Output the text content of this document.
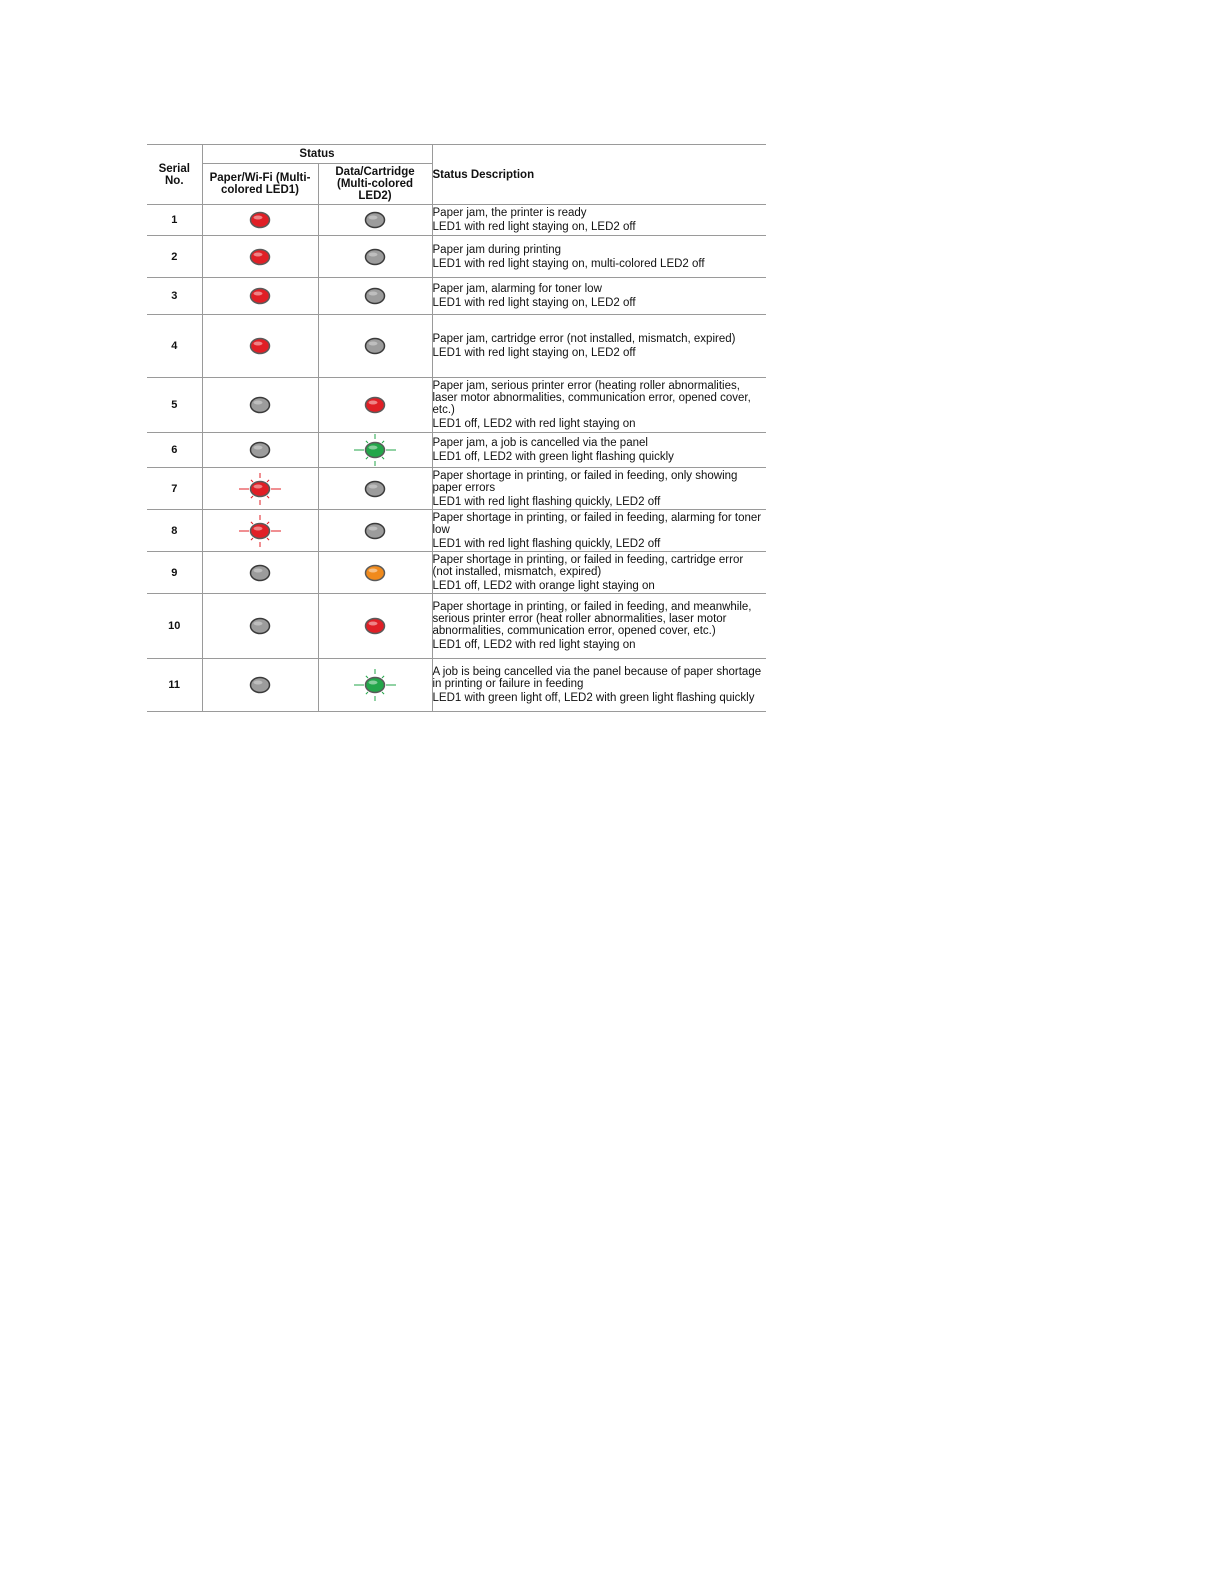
Serial No.	Status		Status Description
	Paper/Wi-Fi (Multi-colored LED1)	Data/Cartridge (Multi-colored LED2)	
1			Paper jam, the printer is ready
LED1 with red light staying on, LED2 off

2			Paper jam during printing
LED1 with red light staying on, multi-colored LED2 off

3			Paper jam, alarming for toner low
LED1 with red light staying on, LED2 off

4			Paper jam, cartridge error (not installed, mismatch, expired)
LED1 with red light staying on, LED2 off

5			Paper jam, serious printer error (heating roller abnormalities, laser motor abnormalities, communication error, opened cover, etc.)
LED1 off, LED2 with red light staying on

6			Paper jam, a job is cancelled via the panel
LED1 off, LED2 with green light flashing quickly

7			Paper shortage in printing, or failed in feeding, only showing paper errors
LED1 with red light flashing quickly, LED2 off

8			Paper shortage in printing, or failed in feeding, alarming for toner low
LED1 with red light flashing quickly, LED2 off

9			Paper shortage in printing, or failed in feeding, cartridge error (not installed, mismatch, expired)
LED1 off, LED2 with orange light staying on

10			Paper shortage in printing, or failed in feeding, and meanwhile, serious printer error (heat roller abnormalities, laser motor abnormalities, communication error, opened cover, etc.)
LED1 off, LED2 with red light staying on

11			A job is being cancelled via the panel because of paper shortage in printing or failure in feeding
LED1 with green light off, LED2 with green light flashing quickly
